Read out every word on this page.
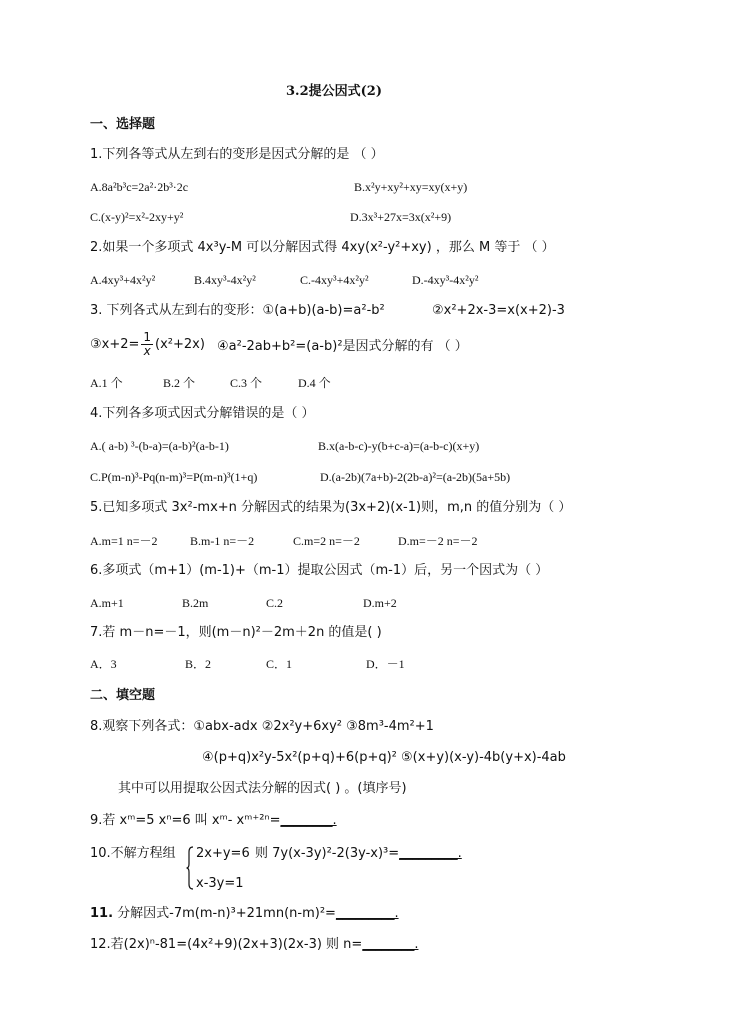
3.2提公因式(2)
一、选择题
1.下列各等式从左到右的变形是因式分解的是 （ ）
A.8a²b³c=2a²·2b³·2c	B.x²y+xy²+xy=xy(x+y)
C.(x-y)²=x²-2xy+y²	D.3x³+27x=3x(x²+9)
2.如果一个多项式 4x³y-M 可以分解因式得 4xy(x²-y²+xy) ，那么 M 等于 （ ）
A.4xy³+4x²y²	B.4xy³-4x²y²	C.-4xy³+4x²y²	D.-4xy³-4x²y²
3. 下列各式从左到右的变形：①(a+b)(a-b)=a²-b²	②x²+2x-3=x(x+2)-3
③x+2= $\frac{1}{x} (x^2+2x)$ ④a²-2ab+b²=(a-b)²是因式分解的有 （ ）
A.1 个	B.2 个	C.3 个	D.4 个
4.下列各多项式因式分解错误的是（ ）
A.( a-b) ³-(b-a)=(a-b)²(a-b-1)	B.x(a-b-c)-y(b+c-a)=(a-b-c)(x+y)
C.P(m-n)³-Pq(n-m)³=P(m-n)³(1+q)	D.(a-2b)(7a+b)-2(2b-a)²=(a-2b)(5a+5b)
5.已知多项式 3x²-mx+n 分解因式的结果为(3x+2)(x-1)则，m,n 的值分别为（ ）
A.m=1 n=－2	B.m-1 n=－2	C.m=2 n=－2	D.m=－2 n=－2
6.多项式（m+1）(m-1)+（m-1）提取公因式（m-1）后，另一个因式为（ ）
A.m+1	B.2m	C.2	D.m+2
7.若 m－n=－1，则(m－n)²－2m＋2n 的值是( )
A．3	B．2	C．1	D．－1
二、填空题
8.观察下列各式：①abx-adx ②2x²y+6xy² ③8m³-4m²+1
④(p+q)x²y-5x²(p+q)+6(p+q)² ⑤(x+y)(x-y)-4b(y+x)-4ab
其中可以用提取公因式法分解的因式( ) 。(填序号)
9.若 xᵐ=5 xⁿ=6 叫 xᵐ- xᵐ⁺²ⁿ=________.
10.不解方程组 2x+y=6
x-3y=1
则 7y(x-3y)²-2(3y-x)³=_________.
11. 分解因式-7m(m-n)³+21mn(n-m)²=_________.
12.若(2x)ⁿ-81=(4x²+9)(2x+3)(2x-3) 则 n=________.
